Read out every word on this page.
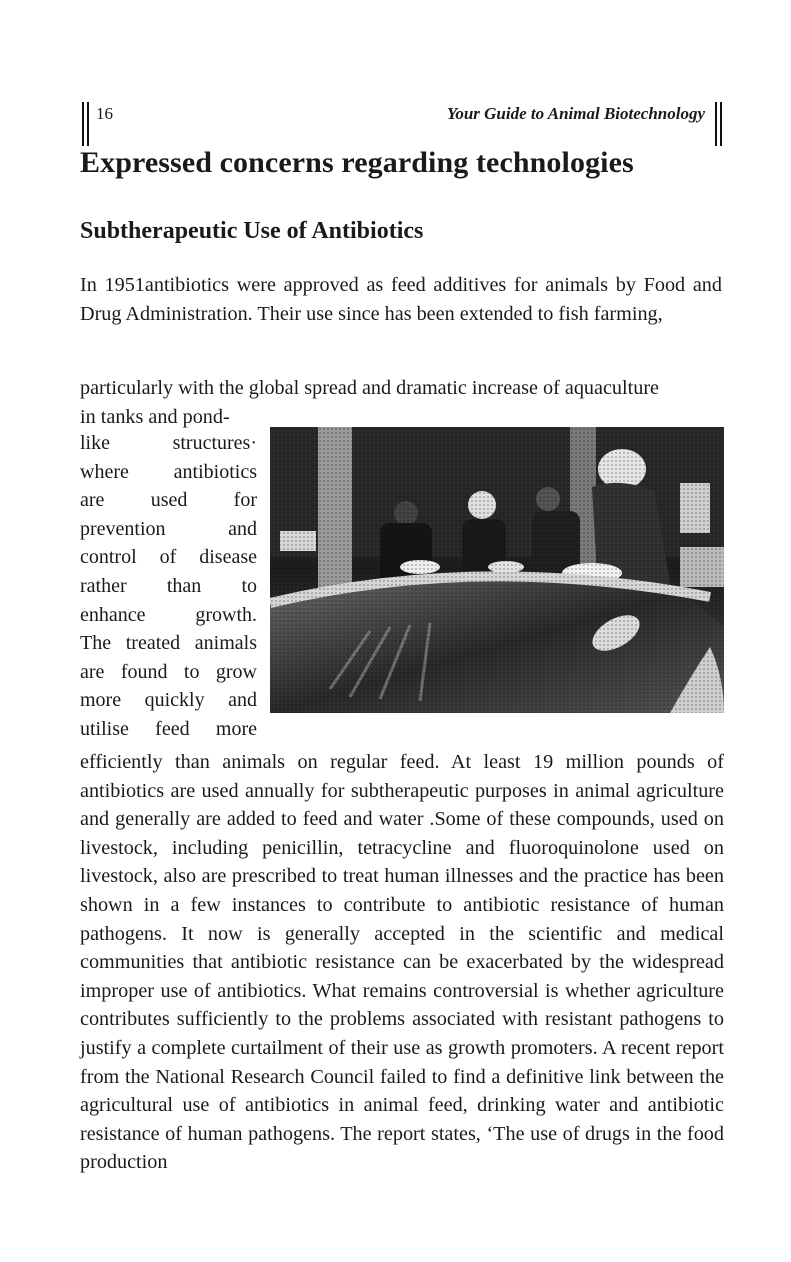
16	Your Guide to Animal Biotechnology
Expressed concerns regarding technologies
Subtherapeutic Use of Antibiotics
In 1951antibiotics were approved as feed additives for animals by Food and Drug Administration. Their use since has been extended to fish farming,
particularly with the global spread and dramatic increase of aquaculture
in tanks and pond-
like structures·
where antibiotics
are used for
prevention and
control of disease
rather than to
enhance growth.
The treated animals
are found to grow
more quickly and
utilise feed more
efficiently than animals on regular feed. At least 19 million pounds of antibiotics are used annually for subtherapeutic purposes in animal agriculture and generally are added to feed and water .Some of these compounds, used on livestock, including penicillin, tetracycline and fluoroquinolone used on livestock, also are prescribed to treat human illnesses and the practice has been shown in a few instances to contribute to antibiotic resistance of human pathogens. It now is generally accepted in the scientific and medical communities that antibiotic resistance can be exacerbated by the widespread improper use of antibiotics. What remains controversial is whether agriculture contributes sufficiently to the problems associated with resistant pathogens to justify a complete curtailment of their use as growth promoters. A recent report from the National Research Council failed to find a definitive link between the agricultural use of antibiotics in animal feed, drinking water and antibiotic resistance of human pathogens. The report states, ‘The use of drugs in the food production
